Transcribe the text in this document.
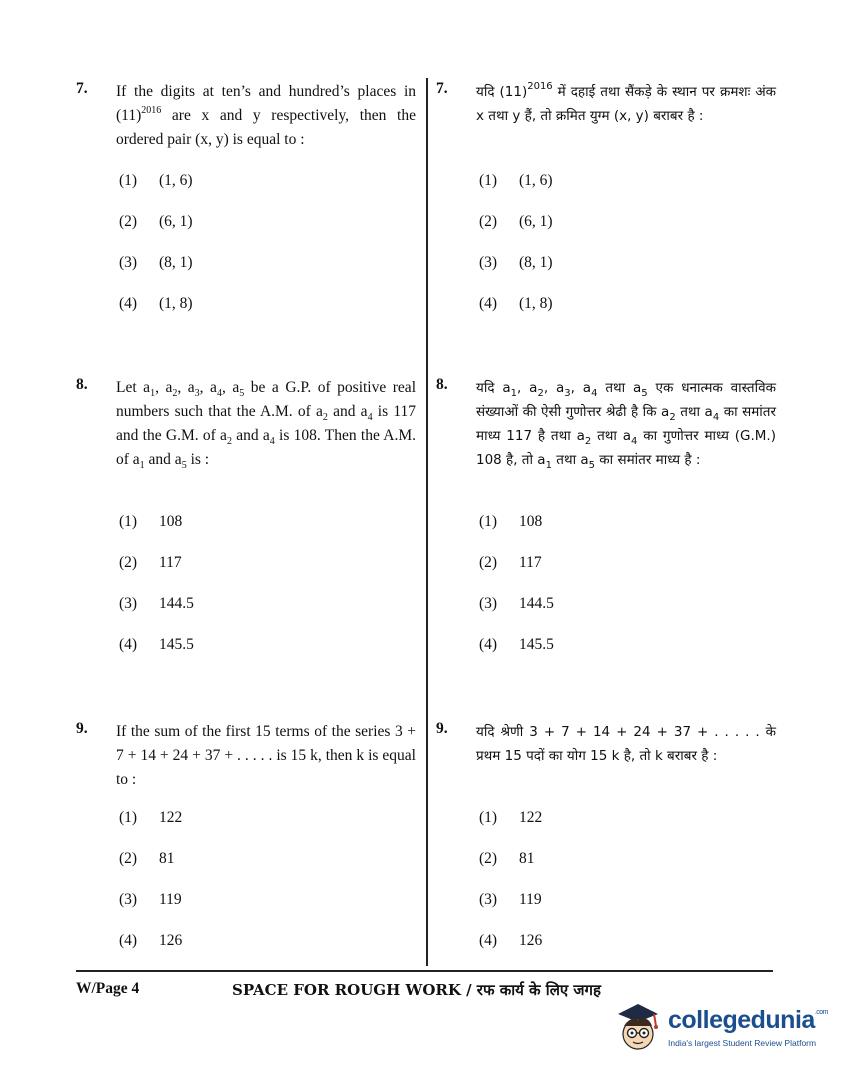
7. If the digits at ten’s and hundred’s places in $(11)^{2016}$ are x and y respectively, then the ordered pair (x, y) is equal to :
(1) (1, 6)
(2) (6, 1)
(3) (8, 1)
(4) (1, 8)
8. Let $a_1$, $a_2$, $a_3$, $a_4$, $a_5$ be a G.P. of positive real numbers such that the A.M. of $a_2$ and $a_4$ is 117 and the G.M. of $a_2$ and $a_4$ is 108. Then the A.M. of $a_1$ and $a_5$ is :
(1) 108
(2) 117
(3) 144.5
(4) 145.5
9. If the sum of the first 15 terms of the series 3 + 7 + 14 + 24 + 37 + . . . . . is 15 k, then k is equal to :
(1) 122
(2) 81
(3) 119
(4) 126
7. यदि $(11)^{2016}$ में दहाई तथा सैंकड़े के स्थान पर क्रमशः अंक x तथा y हैं, तो क्रमित युग्म (x, y) बराबर है :
(1) (1, 6)
(2) (6, 1)
(3) (8, 1)
(4) (1, 8)
8. यदि $a_1$, $a_2$, $a_3$, $a_4$ तथा $a_5$ एक धनात्मक वास्तविक संख्याओं की ऐसी गुणोत्तर श्रेढी है कि $a_2$ तथा $a_4$ का समांतर माध्य 117 है तथा $a_2$ तथा $a_4$ का गुणोत्तर माध्य (G.M.) 108 है, तो $a_1$ तथा $a_5$ का समांतर माध्य है :
(1) 108
(2) 117
(3) 144.5
(4) 145.5
9. यदि श्रेणी 3 + 7 + 14 + 24 + 37 + . . . . . के प्रथम 15 पदों का योग 15 k है, तो k बराबर है :
(1) 122
(2) 81
(3) 119
(4) 126
W/Page 4	SPACE FOR ROUGH WORK / रफ कार्य के लिए जगह
collegedunia$^{.com}$
India's largest Student Review Platform
